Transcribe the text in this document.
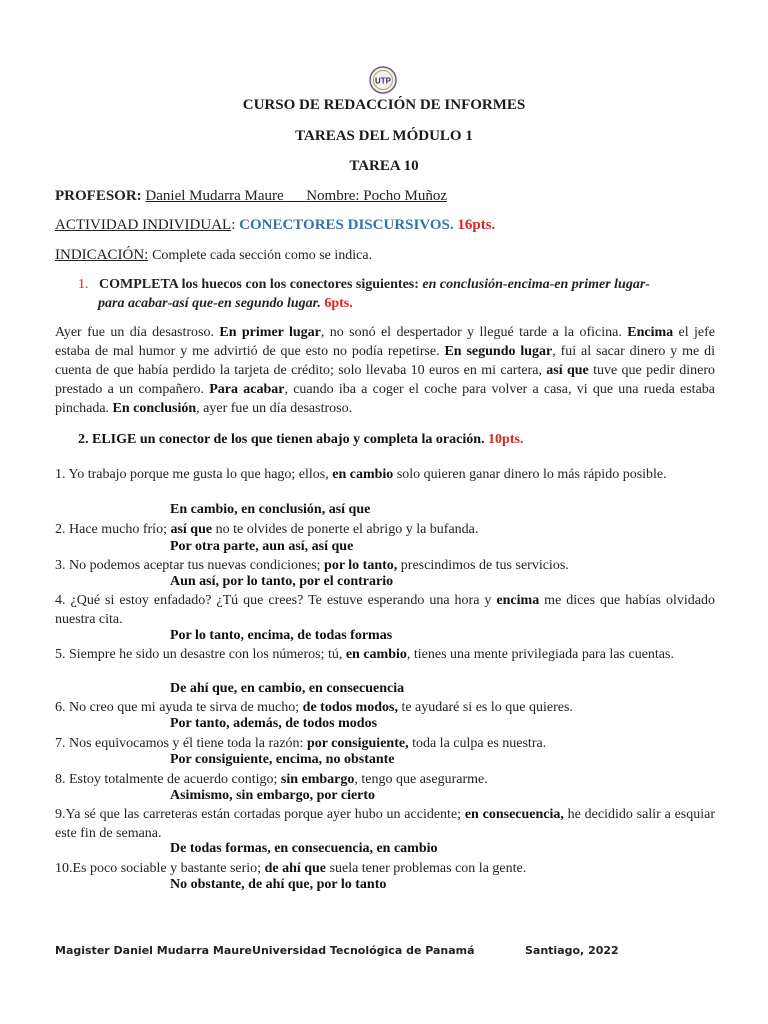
UTP
CURSO DE REDACCIÓN DE INFORMES
TAREAS DEL MÓDULO 1
TAREA 10
PROFESOR: Daniel Mudarra Maure Nombre: Pocho Muñoz
ACTIVIDAD INDIVIDUAL: CONECTORES DISCURSIVOS. 16pts.
INDICACIÓN: Complete cada sección como se indica.
1. COMPLETA los huecos con los conectores siguientes: en conclusión-encima-en primer lugar-
para acabar-así que-en segundo lugar. 6pts.
Ayer fue un día desastroso. En primer lugar, no sonó el despertador y llegué tarde a la oficina. Encima el jefe estaba de mal humor y me advirtió de que esto no podía repetirse. En segundo lugar, fui al sacar dinero y me di cuenta de que había perdido la tarjeta de crédito; solo llevaba 10 euros en mi cartera, así que tuve que pedir dinero prestado a un compañero. Para acabar, cuando iba a coger el coche para volver a casa, vi que una rueda estaba pinchada. En conclusión, ayer fue un día desastroso.
2. ELIGE un conector de los que tienen abajo y completa la oración. 10pts.
1. Yo trabajo porque me gusta lo que hago; ellos, en cambio solo quieren ganar dinero lo más rápido posible.
En cambio, en conclusión, así que
2. Hace mucho frío; así que no te olvides de ponerte el abrigo y la bufanda.
Por otra parte, aun así, así que
3. No podemos aceptar tus nuevas condiciones; por lo tanto, prescindimos de tus servicios.
Aun así, por lo tanto, por el contrario
4. ¿Qué si estoy enfadado? ¿Tú que crees? Te estuve esperando una hora y encima me dices que habías olvidado nuestra cita.
Por lo tanto, encima, de todas formas
5. Siempre he sido un desastre con los números; tú, en cambio, tienes una mente privilegiada para las cuentas.
De ahí que, en cambio, en consecuencia
6. No creo que mi ayuda te sirva de mucho; de todos modos, te ayudaré si es lo que quieres.
Por tanto, además, de todos modos
7. Nos equivocamos y él tiene toda la razón: por consiguiente, toda la culpa es nuestra.
Por consiguiente, encima, no obstante
8. Estoy totalmente de acuerdo contigo; sin embargo, tengo que asegurarme.
Asimismo, sin embargo, por cierto
9.Ya sé que las carreteras están cortadas porque ayer hubo un accidente; en consecuencia, he decidido salir a esquiar este fin de semana.
De todas formas, en consecuencia, en cambio
10.Es poco sociable y bastante serio; de ahí que suela tener problemas con la gente.
No obstante, de ahí que, por lo tanto
Magister Daniel Mudarra MaureUniversidad Tecnológica de Panamá	Santiago, 2022
